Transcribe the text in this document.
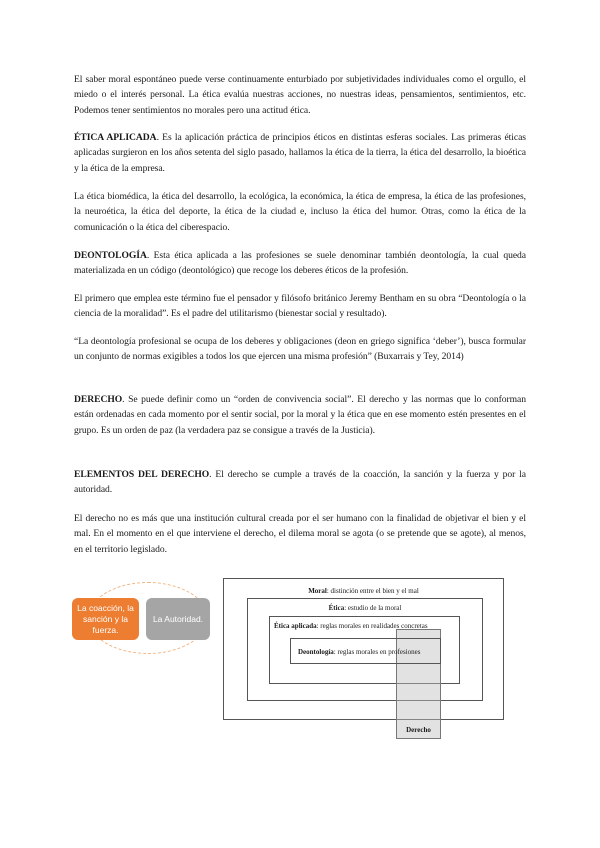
El saber moral espontáneo puede verse continuamente enturbiado por subjetividades individuales como el orgullo, el miedo o el interés personal. La ética evalúa nuestras acciones, no nuestras ideas, pensamientos, sentimientos, etc. Podemos tener sentimientos no morales pero una actitud ética.
ÉTICA APLICADA. Es la aplicación práctica de principios éticos en distintas esferas sociales. Las primeras éticas aplicadas surgieron en los años setenta del siglo pasado, hallamos la ética de la tierra, la ética del desarrollo, la bioética y la ética de la empresa.
La ética biomédica, la ética del desarrollo, la ecológica, la económica, la ética de empresa, la ética de las profesiones, la neuroética, la ética del deporte, la ética de la ciudad e, incluso la ética del humor. Otras, como la ética de la comunicación o la ética del ciberespacio.
DEONTOLOGÍA. Esta ética aplicada a las profesiones se suele denominar también deontología, la cual queda materializada en un código (deontológico) que recoge los deberes éticos de la profesión.
El primero que emplea este término fue el pensador y filósofo británico Jeremy Bentham en su obra “Deontología o la ciencia de la moralidad”. Es el padre del utilitarismo (bienestar social y resultado).
“La deontología profesional se ocupa de los deberes y obligaciones (deon en griego significa ‘deber’), busca formular un conjunto de normas exigibles a todos los que ejercen una misma profesión” (Buxarrais y Tey, 2014)
DERECHO. Se puede definir como un “orden de convivencia social”. El derecho y las normas que lo conforman están ordenadas en cada momento por el sentir social, por la moral y la ética que en ese momento estén presentes en el grupo. Es un orden de paz (la verdadera paz se consigue a través de la Justicia).
ELEMENTOS DEL DERECHO. El derecho se cumple a través de la coacción, la sanción y la fuerza y por la autoridad.
El derecho no es más que una institución cultural creada por el ser humano con la finalidad de objetivar el bien y el mal. En el momento en el que interviene el derecho, el dilema moral se agota (o se pretende que se agote), al menos, en el territorio legislado.
La coacción, la sanción y la fuerza.
La Autoridad.
Moral: distinción entre el bien y el mal
Ética: estudio de la moral
Ética aplicada: reglas morales en realidades concretas
Derecho
Deontología: reglas morales en profesiones
